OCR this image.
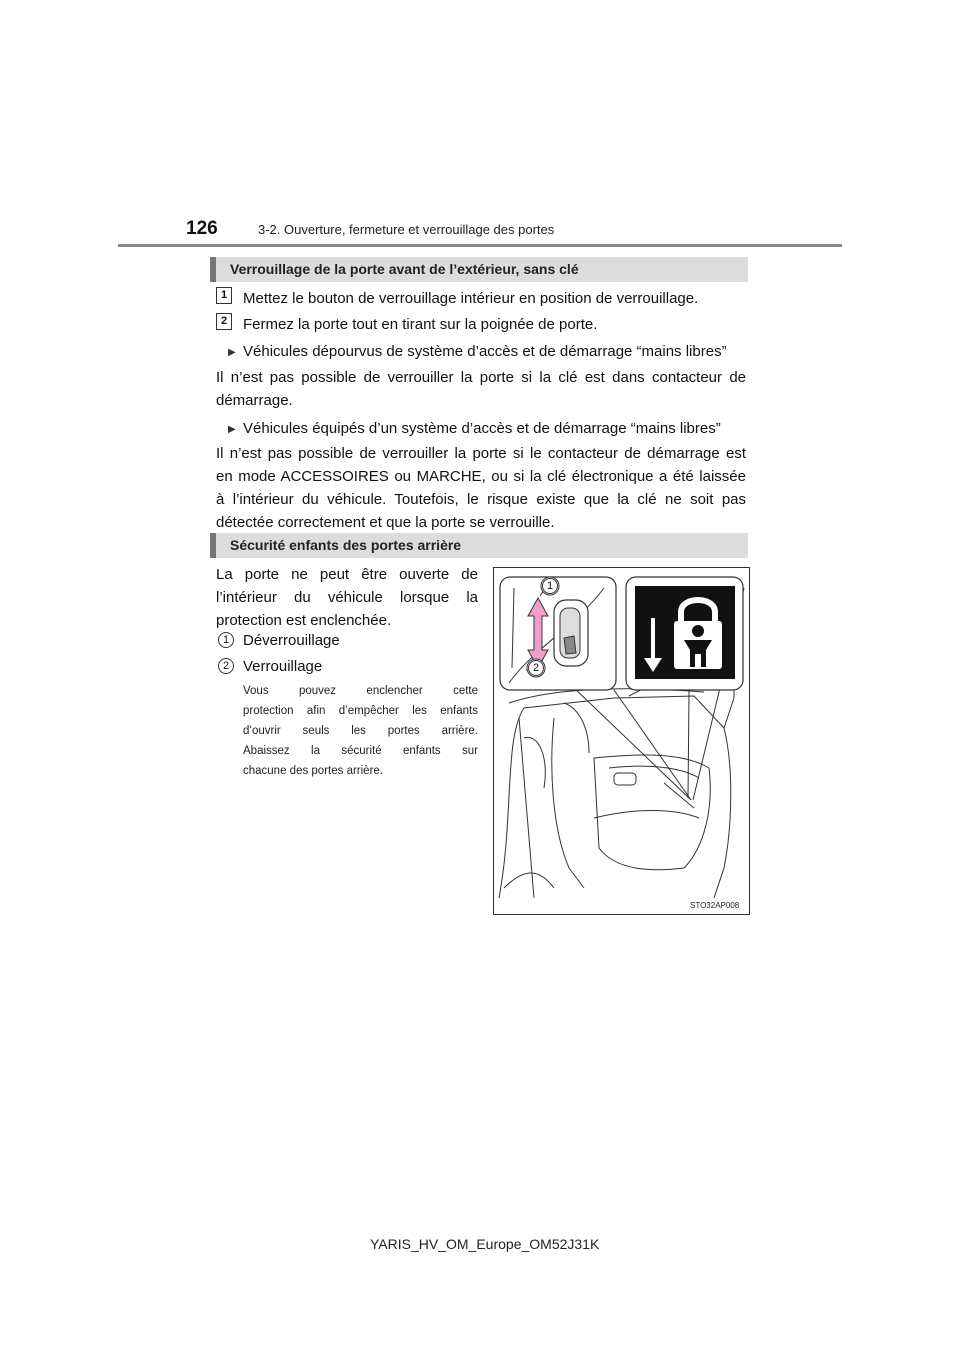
126	3-2. Ouverture, fermeture et verrouillage des portes
Verrouillage de la porte avant de l’extérieur, sans clé
1	Mettez le bouton de verrouillage intérieur en position de verrouillage.
2	Fermez la porte tout en tirant sur la poignée de porte.
▶ Véhicules dépourvus de système d’accès et de démarrage “mains libres”
Il n’est pas possible de verrouiller la porte si la clé est dans contacteur de
démarrage.
▶ Véhicules équipés d’un système d’accès et de démarrage “mains libres”
Il n’est pas possible de verrouiller la porte si le contacteur de démarrage est
en mode ACCESSOIRES ou MARCHE, ou si la clé électronique a été laissée
à l’intérieur du véhicule. Toutefois, le risque existe que la clé ne soit pas
détectée correctement et que la porte se verrouille.
Sécurité enfants des portes arrière
La porte ne peut être ouverte de
l’intérieur du véhicule lorsque la
protection est enclenchée.
1 Déverrouillage
2 Verrouillage
Vous pouvez enclencher cette
protection afin d’empêcher les enfants
d’ouvrir seuls les portes arrière.
Abaissez la sécurité enfants sur
chacune des portes arrière.
1
2
STO32AP008
YARIS_HV_OM_Europe_OM52J31K
